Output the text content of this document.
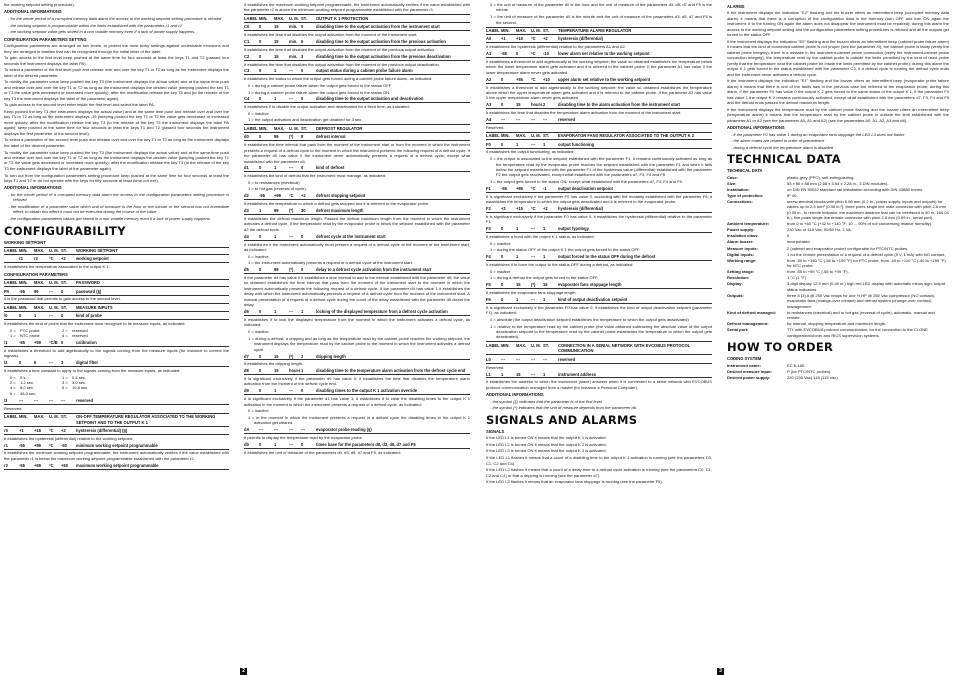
the working setpoint setting procedure).

ADDITIONAL INFORMATIONS

- for the whole period of a corrupted memory data alarm the access to the working setpoint setting procedure is refused

- the working setpoint is programmable within the limits established with the parameters r1 and r2

- the working setpoint value gets stored in a non volatile memory even if a lack of power supply happens.

CONFIGURATION PARAMETERS SETTING

Configuration parameters are arranged on two levels, to protect the most tricky settings against undesirable intrusions and they are arranged in families that can be recognized through the initial letter of the label.

To gain access to the first level keep pushed at the same time for four seconds at least the keys T1 and T2 (passed four seconds the instrument displays the label PA).

To select a parameter of the first level push and release over and over the key T1 or T2 as long as the instrument displays the label of the desired parameter.

To modify the parameter value keep pushed the key T3 (the instrument displays the actual value) and at the same time push and release over and over the key T1 or T2 as long as the instrument displays the desired value (keeping pushed the key T1 or T2 the value gets decreased or increased more quickly); after the modification release the key T3 and (to the release of the key T3 the instrument displays the label of the parameter again).

To gain access to the second level enter inside the first level and select the label PA.

Keep pushed the key T3 (the instrument displays the actual value) and at the same time push and release over and over the key T1 or T2 as long as the instrument displays -19 (keeping pushed the key T1 or T2 the value gets decreased or increased more quickly; after the modification release the key T3 (to the release of the key T3 the instrument displays the label PA again); keep pushed at the same time for four seconds at least the keys T1 and T2 (passed four seconds the instrument displays the first parameter of the second level).

To select a parameter of the second level push and release over and over the key T1 or T2 as long as the instrument displays the label of the desired parameter.

To modify the parameter value keep pushed the key T3 (the instrument displays the actual value) and at the same time push and release over and over the key T1 or T2 as long as the instrument displays the desired value (keeping pushed the key T1 or T2 the value gets decreased or increased more quickly); after the modification release the key T3 (to the release of the key T3 the instrument displays the label of the parameter again).

To turn out from the configuration parameters setting procedure keep pushed at the same time for four seconds at least the keys T1 and T2 or do not operate with the keys for fifty seconds at least (time-out exit).

ADDITIONAL INFORMATIONS

- for the whole period of a corrupted memory data alarm the access to the configuration parameters setting procedure is refused

- the modification of a parameter value which unit of measure is the hour or the minute or the second has not immediate effect; to obtain this effect it must not be executed during the course of the value

- the configuration parameters values get stored in a non volatile memory even if a lack of power supply happens.

CONFIGURABILITY
WORKING SETPOINT
LABEL MIN.	MAX.	U. M. ST.	WORKING SETPOINT
r1	r2	°C	+2	working setpoint

It establishes the temperature associated to the output K 1.

CONFIGURATION PARAMETERS
LABEL MIN.	MAX.	U. M. ST.	PASSWORD
PA	-55	99	---	0	password (§)

It is the password that permits to gain access to the second level.

LABEL MIN.	MAX.	U. M. ST.	MEASURE INPUTS
/0	0	1	---	0	kind of probe

It establishes the kind of probe that the instrument must recognize to its measure inputs, as indicated:

0 =	PTC probe	2 =	reserved
1 =	NTC probe	4 =	reserved
/1	-55	+99	°C/B 0	calibration

It establishes a threshold to add algebraically to the signals coming from the measure inputs (for instance to correct the signals).

/2	0	6	---	3	digital filter

It establishes a time constant to apply to the signals coming from the measure inputs, as indicated:

0 =	0 s	1 =	0.4 sec.
2 =	1.2 sec.	3 =	3.0 sec.
4 =	8.0 sec.	5 =	19.8 sec.
6 =	48.0 sec.
/3	---	---	---	---	reserved

Reserved.

LABEL MIN.	MAX.	U. M. ST.	ON-OFF TEMPERATURE REGULATOR ASSOCIATED TO THE WORKING SETPOINT AND TO THE OUTPUT K 1
r0	+1	+15	°C	+2	hysteresis (differential) (§)

It establishes the hysteresis (differential) relative to the working setpoint.

r1	-55	+99	°C	-50	minimum working setpoint programmable

It establishes the minimum working setpoint programmable; the instrument automatically verifies if the value established with the parameter r1 is below the maximum working setpoint programmable established with the parameter r2.

r2	-55	+99	°C	+50	maximum working setpoint programmable

It establishes the maximum working setpoint programmable, the instrument automatically verifies if the value established with the parameter r2 is above the minimum working setpoint programmable established with the parameter r1.

LABEL MIN.	MAX.	U. M. ST.	OUTPUT K 1 PROTECTION
C0	0	15	min. 0	disabling time to the output activation from the instrument start

It establishes the time that disables the output activation from the moment of the instrument start.

C1	0	15	min. 5	disabling time to the output activation from the previous activation

It establishes the time that disables the output activation from the moment of the previous output activation.

C2	0	15	min. 3	disabling time to the output activation from the previous deactivation

It establishes the time that disables the output activation from the moment of the previous output deactivation.

C3	0	1	---	0	output status during a cabinet probe failure alarm

It establishes the status to which the output gets forced during a cabinet probe failure alarm, as indicated:

0 = during a cabinet probe failure alarm the output gets forced to the status OFF

1 = during a cabinet probe failure alarm the output gets forced to the status ON.

C4	0	1	---	0	disabling time to the output activation and deactivation

It establishes if to disable the output activation and deactivation for a fixed time, as indicated:

0 = inactive

1 = the output activation and deactivation get disabled for 3 sec.

LABEL MIN.	MAX.	U. M. ST.	DEFROST REGULATOR
d0	0	99	(*)	8	defrost interval

It establishes the time interval that pass from the moment of the instrument start or from the moment in which the instrument presents a request of a defrost cycle to the moment in which the instrument presents the following request of a defrost cycle. If the parameter d0 has value 0 the instrument never automatically presents a request of a defrost cycle, except what established with the parameter d4.

d1	0	1	---	0	kind of defrost

It establishes the kind of defrost that the instrument must manage, as indicated:

0 = to resistances (electrical)

1 = to hot gas (reversal of cycle).

d2	-55	+99	°C	+2	defrost stopping setpoint

It establishes the temperature to which a defrost gets stopped and it is referred to the evaporator probe.

d3	1	99	(*)	30	defrost maximum length

It establishes the defrost maximum length. Passed the defrost maximum length from the moment in which the instrument activates a defrost cycle, if the temperature read by the evaporator probe is below the setpoint established with the parameter d2 the defrost ends.

d4	0	1	---	0	defrost cycle at the instrument start

It establishes if the instrument automatically must present a request of a defrost cycle at the moment of the instrument start, as indicated:

0 = inactive

1 = the instrument automatically presents a request of a defrost cycle at the instrument start.

d5	0	99	(*)	0	delay to a defrost cycle activation from the instrument start

If the parameter d4 has value 0 it establishes a time interval to add to the interval established with the parameter d0; the value so obtained establishes the time interval that pass from the moment of the instrument start to the moment in which the instrument automatically presents the following request of a defrost cycle. If the parameter d4 has value 1 it establishes the delay with which the instrument automatically presents a request of a defrost cycle from the moment of the instrument start. A manual presentation of a request of a defrost cycle during the count of the delay established with the parameter d5 clears the delay.

d6	0	1	---	1	locking of the displayed temperature from a defrost cycle activation

It establishes if to lock the displayed temperature from the moment in which the instrument activates a defrost cycle, as indicated:

0 = inactive

1 = during a defrost, a dripping and as long as the temperature read by the cabinet probe reaches the working setpoint, the instrument displays the temperature read by the cabinet probe to the moment in which the instrument activates a defrost cycle.

d7	0	15	(*)	2	dripping length

It establishes the dripping length.

d8	0	15	hours 1	disabling time to the temperature alarm activation from the defrost cycle end

It is significant exclusively if the parameter d9 has value 0; it establishes the time that disables the temperature alarm activation from the moment of the defrost cycle end.

d9	0	1	---	0	disabling times to the output K 1 activation override

It is significant exclusively if the parameter d1 has value 1; it establishes if to clear the disabling times to the output K 1 activation in the moment in which the instrument presents a request of a defrost cycle, as indicated:

0 = inactive

1 = in the moment in which the instrument presents a request of a defrost cycle the disabling times to the output K 1 activation get cleared.

dA	---	---	---	---	evaporator probe reading (§)

It permits to display the temperature read by the evaporator probe.

db	0	1	---	0	times base for the parameters d0, d3, d5, d7 and F5

It establishes the unit of measure of the parameters d0, d3, d5, d7 and F5, as indicated:

0 = the unit of measure of the parameter d0 is the hour and the unit of measure of the parameters d3, d5, d7 and F5 is the minute

1 = the unit of measure of the parameter d0 is the minute and the unit of measure of the parameters d3, d5, d7 and F5 is the second.

LABEL MIN.	MAX.	U. M. ST.	TEMPERATURE ALARM REGULATOR
A0	+1	+15	°C	+2	hysteresis (differential)

It establishes the hysteresis (differential) relative to the parameters A1 and A2.

A1	-55	0	°C	-10	lower alarm set relative to the working setpoint

It establishes a threshold to add algebraically to the working setpoint; the value so obtained establishes the temperature below which the lower temperature alarm gets activated and it is referred to the cabinet probe. If the parameter A1 has value 0 the lower temperature alarm never gets activated.

A2	0	+55	°C	+10	upper alarm set relative to the working setpoint

It establishes a threshold to add algebraically to the working setpoint; the value so obtained establishes the temperature above which the upper temperature alarm gets activated and it is referred to the cabinet probe. If the parameter A2 has value 0 the upper temperature alarm never gets activated.

A3	0	15	hours 2	disabling time to the alarm activation from the instrument start

It establishes the time that disables the temperature alarm activation from the moment of the instrument start.

A4	---	---	---	---	reserved

Reserved.

LABEL MIN.	MAX.	U. M. ST.	EVAPORATOR FANS REGULATOR ASSOCIATED TO THE OUTPUT K 2
F0	0	1	---	1	output functioning

It establishes the output functioning, as indicated:

0 = the output is associated to the setpoint established with the parameter F1, it remains continuously activated as long as the temperature read by the evaporator probe reaches the setpoint established with the parameter F1 and when it falls below the setpoint established with the parameter F1 of the hysteresis value (differential) established with the parameter F2 the output gets reactivated, except what established with the parameters d7, F3, F4 and F5

1 = the output gets forced to the status ON, except what established with the parameters d7, F3, F4 and F5.

F1	-55	+99	°C	-1	output deactivation setpoint

It is significant exclusively if the parameter F0 has value 0, according with the modality established with the parameter F6; it establishes the temperature to which the output gets deactivated and it is referred to the evaporator probe.

F2	+2	+15	°C	+2	hysteresis (differential)

It is significant exclusively if the parameter F0 has value 0; it establishes the hysteresis (differential) relative to the parameter F1.

F3	0	1	---	1	output typology

It establishes a bond with the output K 1 status, as indicated:

0 = inactive

1 = during the status OFF of the output K 1 the output gets forced to the status OFF.

F4	0	1	---	1	output forced to the status OFF during the defrost

It establishes if to force the output to the status OFF during a defrost, as indicated:

0 = inactive

1 = during a defrost the output gets forced to the status OFF.

F5	0	15	(*)	15	evaporator fans stoppage length

It establishes the evaporator fans stoppage length.

F6	0	1	---	1	kind of output deactivation setpoint

It is significant exclusively if the parameter F0 has value 0; it establishes the kind of output deactivation setpoint (parameter F1), as indicated:

0 = absolute (the output deactivation setpoint establishes the temperature to which the output gets deactivated)

1 = relative to the temperature read by the cabinet probe (the value obtained subtracting the absolute value of the output deactivation setpoint to the temperature read by the cabinet probe establishes the temperature to which the output gets deactivated).

LABEL MIN.	MAX.	U. M. ST.	CONNECTION IN A SERIAL NETWORK WITH EVCOBUS PROTOCOL COMMUNICATION
L0	---	---	---	---	reserved

Reserved.

L1	1	15	---	1	instrument address

It establishes the address to which the instrument (slave) answers when it is connected to a serial network with EVCOBUS protocol communication managed from a master (for instance a Personal Computer).

ADDITIONAL INFORMATIONS

- the symbol (§) indicates that the parameter is of the first level

- the symbol (*) indicates that the unit of measure depends from the parameter db.

SIGNALS AND ALARMS
SIGNALS

If the LED L1 is turned ON it means that the output K 1 is activated.

If the LED L2 is turned ON it means that the output K 2 is activated.

If the LED L3 is turned ON it means that the output K 3 is activated.

If the LED L1 flashes it means that a count of a disabling time to the output K 1 activation is running (see the parameters C0, C1, C2 and C4).

If the LED L2 flashes it means that a count of a delay time to a defrost cycle activation is running (see the parameters C0, C1, C2 and C4) or that a dripping is running (see the parameter d7).

If the LED L3 flashes it means that an evaporator fans stoppage is running (see the parameter F5).

ALARMS

If the instrument displays the indication "E2" flashing and the buzzer utters an intermittent beep (corrupted memory data alarm) it means that there is a corruption of the configuration data in the memory (turn OFF and turn ON again the instrument: if to the turning ON again the alarm does not disappear the instrument must be repaired); during this alarm the access to the working setpoint setting and the configuration parameters setting procedures is refused and all the outputs get forced to the status OFF.

If the instrument displays the indication "E0" flashing and the buzzer utters an intermittent beep (cabinet probe failure alarm) it means that the kind of connected cabinet probe is not proper (see the parameter /0), the cabinet probe is faulty (verify the cabinet probe integrity), there is a mistake in the instrument-cabinet probe connection (verify the instrument-cabinet probe connection integrity), the temperature read by the cabinet probe is outside the limits permitted by the kind of used probe (verify that the temperature near the cabinet probe be inside the limits permitted by the cabinet probe); during this alarm the output K 1 gets forced to the status established with the parameter C3, if a defrost cycle is running the defrost cycle ends and the instrument never activates a defrost cycle.

If the instrument displays the indication "E1" flashing and the buzzer utters an intermittent beep (evaporator probe failure alarm) it means that there is one of the faults saw in the previous case but referred to the evaporator probe; during this alarm, if the parameter F0 has value 0 the output K 2 gets forced to the same status of the output K 1, if the parameter F0 has value 1 the output K 2 remains continuously activated, except what established with the parameters d7, F3, F4 and F5 and the defrost ends passed the defrost maximum length.

If the instrument displays the temperature read by the cabinet probe flashing and the buzzer utters an intermittent beep (temperature alarm) it means that the temperature read by the cabinet probe is outside the limit established with the parameter A1 or A2 (see the parameters A0, A1 and A2) (see the parameters A0, A1, A2, A3 and d8).

ADDITIONAL INFORMATIONS

- if the parameter F0 has value 1 during an evaporator fans stoppage the LED L3 does not flashe

- the alarm codes are related in order of precedence

- during a defrost cycle the temperature alarm is disabled.

TECHNICAL DATA
TECHNICAL DATA
Case:	plastic grey (PPO), self-extinguishing.
Size:	53 x 56 x 88 mm (2.08 x 3.54 x 2.28 in., 3 DIN modules).
Installation:	on DIN EN 50022 standard rail installation according with DIN 43880 norms.
Type of protection:	IP 40.
Connections:	screw terminal blocks with pitch 5.08 mm (0.2 in., power supply, inputs and outputs) for cables up to 2.5 mm² (0.38 in.²), three poles single line male connector with pitch 2.5 mm (0.09 in., to remote indicator, the maximum distance that can be interfaced is 50 m, 164.04 ft.), five poles single line female connector with pitch 2.5 mm (0.09 in., serial port).
Ambient temperature:	from 0 to +60 °C (+32 to +140 °F; 10 ... 90% of not condensing relative humidity).
Power supply:	230 Vac or 115 Vac, 50/60 Hz, 2 VA.
Insulation class:	II.
Alarm buzzer:	incorporated.
Measure inputs:	2 (cabinet and evaporator probe) configurable for PTC/NTC probes.
Digital inputs:	1 for the remote presentation of a request of a defrost cycle (5 V, 1 mA) with NO contact.
Working range:	from -50 to +150 °C (-58 to +199 °F) for PTC probe, from -40 to +110 °C (-40 to +199 °F) for NTC probe.
Setting range:	from -55 to +99 °C (-55 to +99 °F).
Resolution:	1 °C (1 °F).
Display:	3-digit display 12.5 mm (0.49 in.) high red LED display with automatic minus sign, output status indicators.
Outputs:	three 8 (3) A @ 250 Vac relays for one ½ HP @ 250 Vac compressor (NO contact), evaporator fans (change-over contact) and defrost system (change-over contact) management.
Kind of defrost managed:	to resistances (electrical) and to hot gas (reversal of cycle), automatic, manual and remote.
Defrost management:	for interval, stopping temperature and maximum length.
Serial port:	TTL with EVCOBUS protocol communication, for the connection to the CLONE configuration/cloner and RICS supervision systems.
HOW TO ORDER
CODING SYSTEM
Instrument name:	EC 6-180.
Desired measure input:	P (for PTC/NTC probes).
Desired power supply:	220 (230 Vac) 115 (115 Vac).
2	3
